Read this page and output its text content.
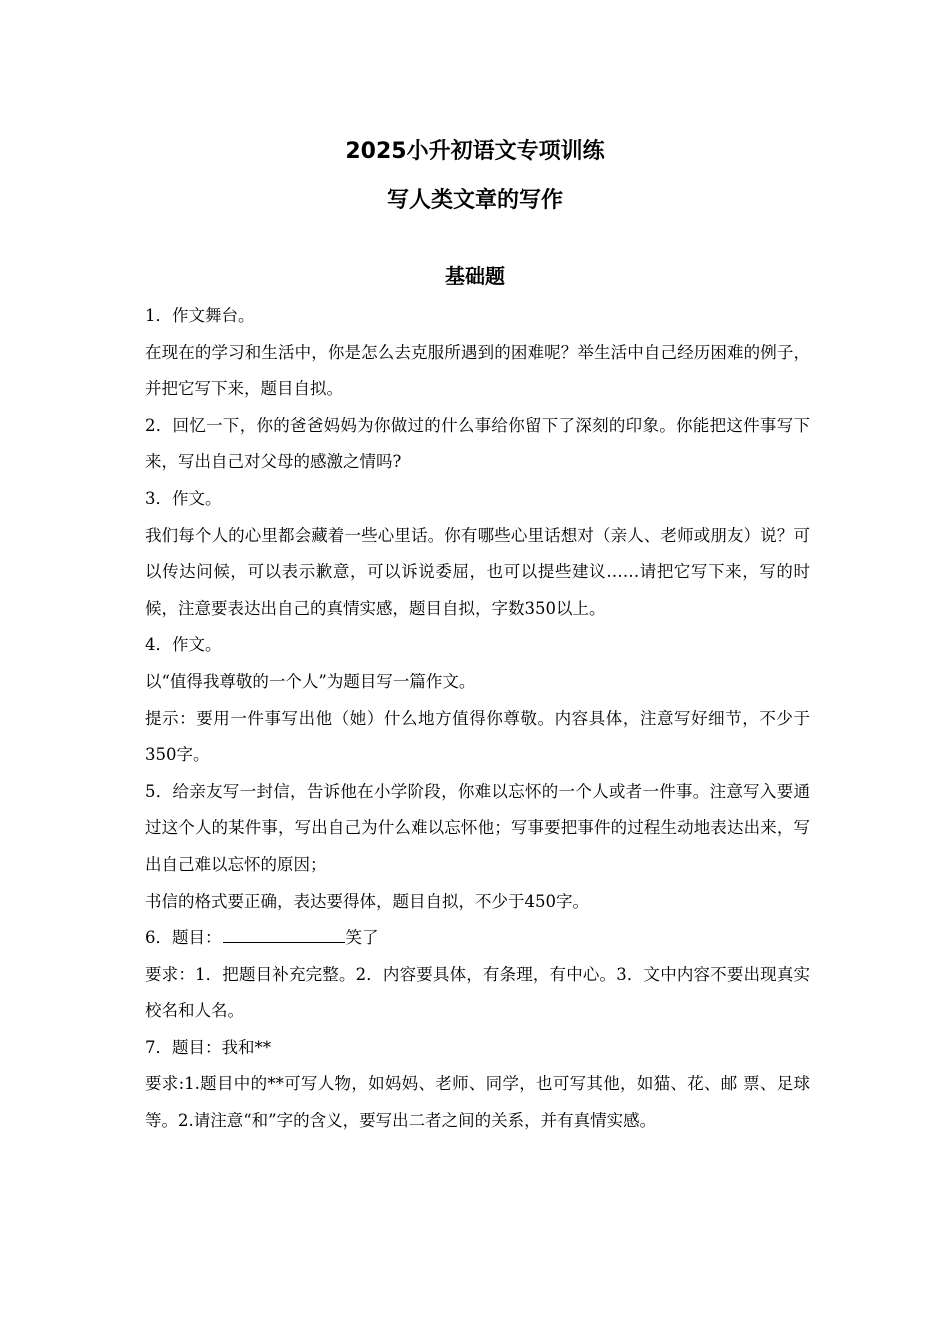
2025小升初语文专项训练
写人类文章的写作
基础题

1．作文舞台。

在现在的学习和生活中，你是怎么去克服所遇到的困难呢？举生活中自己经历困难的例子，并把它写下来，题目自拟。

2．回忆一下，你的爸爸妈妈为你做过的什么事给你留下了深刻的印象。你能把这件事写下来，写出自己对父母的感激之情吗?

3．作文。

我们每个人的心里都会藏着一些心里话。你有哪些心里话想对（亲人、老师或朋友）说？可以传达问候，可以表示歉意，可以诉说委屈，也可以提些建议……请把它写下来，写的时候，注意要表达出自己的真情实感，题目自拟，字数350以上。

4．作文。

以“值得我尊敬的一个人”为题目写一篇作文。

提示：要用一件事写出他（她）什么地方值得你尊敬。内容具体，注意写好细节，不少于350字。

5．给亲友写一封信，告诉他在小学阶段，你难以忘怀的一个人或者一件事。注意写入要通过这个人的某件事，写出自己为什么难以忘怀他；写事要把事件的过程生动地表达出来，写出自己难以忘怀的原因；

书信的格式要正确，表达要得体，题目自拟，不少于450字。

6．题目：	笑了

要求：1．把题目补充完整。2．内容要具体，有条理，有中心。3．文中内容不要出现真实校名和人名。

7．题目：我和**

要求:1.题目中的**可写人物，如妈妈、老师、同学，也可写其他，如猫、花、邮 票、足球等。2.请注意“和”字的含义，要写出二者之间的关系，并有真情实感。
